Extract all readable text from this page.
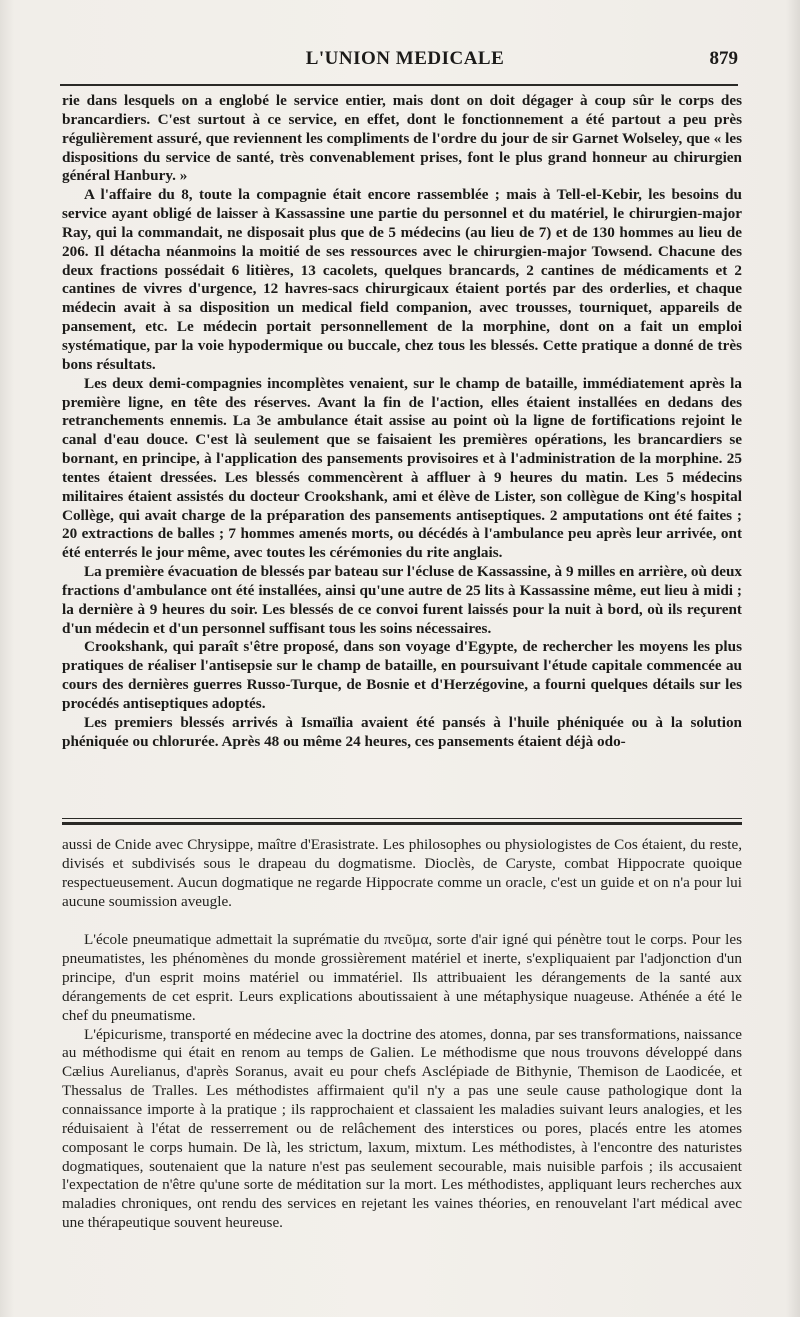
L'UNION MEDICALE	879

rie dans lesquels on a englobé le service entier, mais dont on doit dégager à coup sûr le corps des brancardiers. C'est surtout à ce service, en effet, dont le fonctionnement a été partout a peu près régulièrement assuré, que reviennent les compliments de l'ordre du jour de sir Garnet Wolseley, que « les dispositions du service de santé, très convenablement prises, font le plus grand honneur au chirurgien général Hanbury. »

A l'affaire du 8, toute la compagnie était encore rassemblée ; mais à Tell-el-Kebir, les besoins du service ayant obligé de laisser à Kassassine une partie du personnel et du matériel, le chirurgien-major Ray, qui la commandait, ne disposait plus que de 5 médecins (au lieu de 7) et de 130 hommes au lieu de 206. Il détacha néanmoins la moitié de ses ressources avec le chirurgien-major Towsend. Chacune des deux fractions possédait 6 litières, 13 cacolets, quelques brancards, 2 cantines de médicaments et 2 cantines de vivres d'urgence, 12 havres-sacs chirurgicaux étaient portés par des orderlies, et chaque médecin avait à sa disposition un medical field companion, avec trousses, tourniquet, appareils de pansement, etc. Le médecin portait personnellement de la morphine, dont on a fait un emploi systématique, par la voie hypodermique ou buccale, chez tous les blessés. Cette pratique a donné de très bons résultats.

Les deux demi-compagnies incomplètes venaient, sur le champ de bataille, immédiatement après la première ligne, en tête des réserves. Avant la fin de l'action, elles étaient installées en dedans des retranchements ennemis. La 3e ambulance était assise au point où la ligne de fortifications rejoint le canal d'eau douce. C'est là seulement que se faisaient les premières opérations, les brancardiers se bornant, en principe, à l'application des pansements provisoires et à l'administration de la morphine. 25 tentes étaient dressées. Les blessés commencèrent à affluer à 9 heures du matin. Les 5 médecins militaires étaient assistés du docteur Crookshank, ami et élève de Lister, son collègue de King's hospital Collège, qui avait charge de la préparation des pansements antiseptiques. 2 amputations ont été faites ; 20 extractions de balles ; 7 hommes amenés morts, ou décédés à l'ambulance peu après leur arrivée, ont été enterrés le jour même, avec toutes les cérémonies du rite anglais.

La première évacuation de blessés par bateau sur l'écluse de Kassassine, à 9 milles en arrière, où deux fractions d'ambulance ont été installées, ainsi qu'une autre de 25 lits à Kassassine même, eut lieu à midi ; la dernière à 9 heures du soir. Les blessés de ce convoi furent laissés pour la nuit à bord, où ils reçurent d'un médecin et d'un personnel suffisant tous les soins nécessaires.

Crookshank, qui paraît s'être proposé, dans son voyage d'Egypte, de rechercher les moyens les plus pratiques de réaliser l'antisepsie sur le champ de bataille, en poursuivant l'étude capitale commencée au cours des dernières guerres Russo-Turque, de Bosnie et d'Herzégovine, a fourni quelques détails sur les procédés antiseptiques adoptés.

Les premiers blessés arrivés à Ismaïlia avaient été pansés à l'huile phéniquée ou à la solution phéniquée ou chlorurée. Après 48 ou même 24 heures, ces pansements étaient déjà odo-

aussi de Cnide avec Chrysippe, maître d'Erasistrate. Les philosophes ou physiologistes de Cos étaient, du reste, divisés et subdivisés sous le drapeau du dogmatisme. Dioclès, de Caryste, combat Hippocrate quoique respectueusement. Aucun dogmatique ne regarde Hippocrate comme un oracle, c'est un guide et on n'a pour lui aucune soumission aveugle.

L'école pneumatique admettait la suprématie du πνεῦμα, sorte d'air igné qui pénètre tout le corps. Pour les pneumatistes, les phénomènes du monde grossièrement matériel et inerte, s'expliquaient par l'adjonction d'un principe, d'un esprit moins matériel ou immatériel. Ils attribuaient les dérangements de la santé aux dérangements de cet esprit. Leurs explications aboutissaient à une métaphysique nuageuse. Athénée a été le chef du pneumatisme.

L'épicurisme, transporté en médecine avec la doctrine des atomes, donna, par ses transformations, naissance au méthodisme qui était en renom au temps de Galien. Le méthodisme que nous trouvons développé dans Cælius Aurelianus, d'après Soranus, avait eu pour chefs Asclépiade de Bithynie, Themison de Laodicée, et Thessalus de Tralles. Les méthodistes affirmaient qu'il n'y a pas une seule cause pathologique dont la connaissance importe à la pratique ; ils rapprochaient et classaient les maladies suivant leurs analogies, et les réduisaient à l'état de resserrement ou de relâchement des interstices ou pores, placés entre les atomes composant le corps humain. De là, les strictum, laxum, mixtum. Les méthodistes, à l'encontre des naturistes dogmatiques, soutenaient que la nature n'est pas seulement secourable, mais nuisible parfois ; ils accusaient l'expectation de n'être qu'une sorte de méditation sur la mort. Les méthodistes, appliquant leurs recherches aux maladies chroniques, ont rendu des services en rejetant les vaines théories, en renouvelant l'art médical avec une thérapeutique souvent heureuse.
